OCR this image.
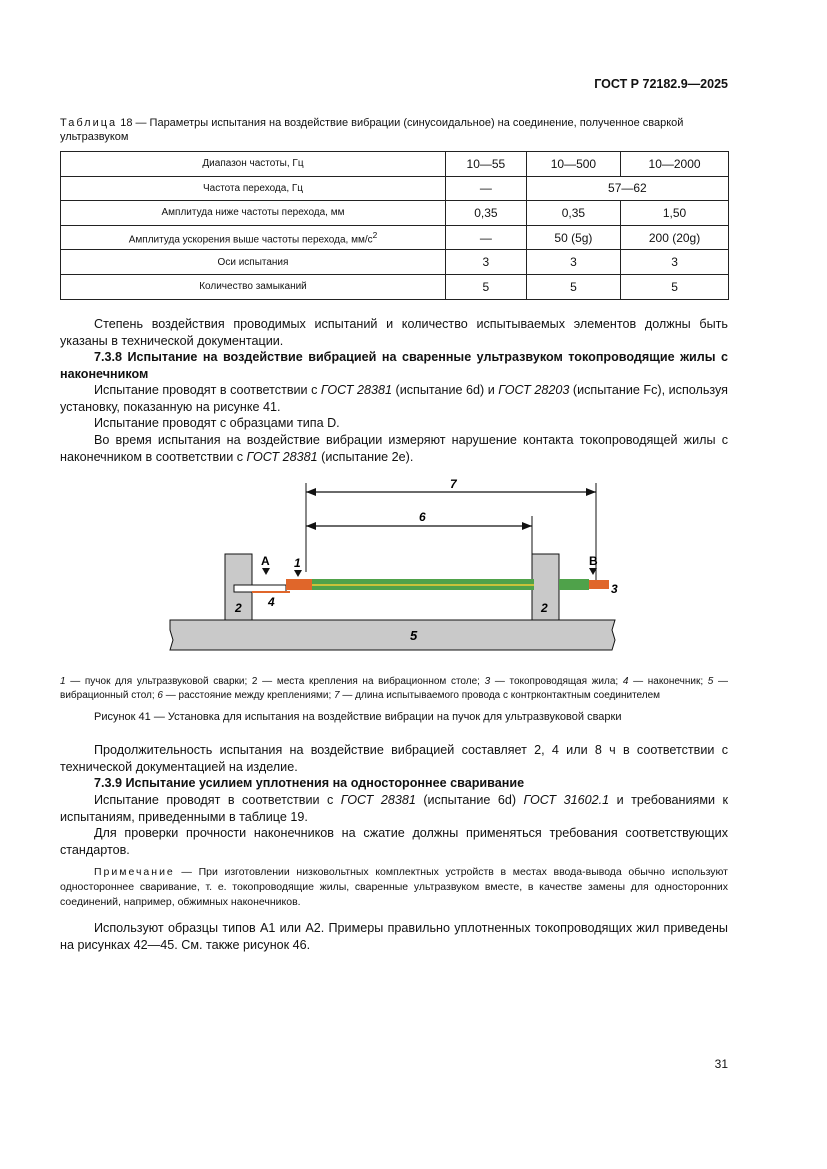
ГОСТ Р 72182.9—2025
Таблица 18 — Параметры испытания на воздействие вибрации (синусоидальное) на соединение, полученное сваркой ультразвуком
Диапазон частоты, Гц	10—55	10—500	10—2000
Частота перехода, Гц	—	57—62	
Амплитуда ниже частоты перехода, мм	0,35	0,35	1,50
Амплитуда ускорения выше частоты перехода, $мм/с^2$	—	50 (5g)	200 (20g)
Оси испытания	3	3	3
Количество замыканий	5	5	5
Степень воздействия проводимых испытаний и количество испытываемых элементов должны быть указаны в технической документации.
7.3.8 Испытание на воздействие вибрацией на сваренные ультразвуком токопроводящие жилы с наконечником
Испытание проводят в соответствии с ГОСТ 28381 (испытание 6d) и ГОСТ 28203 (испытание Fc), используя установку, показанную на рисунке 41.
Испытание проводят с образцами типа D.
Во время испытания на воздействие вибрации измеряют нарушение контакта токопроводящей жилы с наконечником в соответствии с ГОСТ 28381 (испытание 2e).
7
6
A	B
1
3
4
2	2
5
1 — пучок для ультразвуковой сварки; 2 — места крепления на вибрационном столе; 3 — токопроводящая жила; 4 — наконечник; 5 — вибрационный стол; 6 — расстояние между креплениями; 7 — длина испытываемого провода с контрконтактным соединителем
Рисунок 41 — Установка для испытания на воздействие вибрации на пучок для ультразвуковой сварки
Продолжительность испытания на воздействие вибрацией составляет 2, 4 или 8 ч в соответствии с технической документацией на изделие.
7.3.9 Испытание усилием уплотнения на одностороннее сваривание
Испытание проводят в соответствии с ГОСТ 28381 (испытание 6d) ГОСТ 31602.1 и требованиями к испытаниям, приведенными в таблице 19.
Для проверки прочности наконечников на сжатие должны применяться требования соответствующих стандартов.
Примечание — При изготовлении низковольтных комплектных устройств в местах ввода-вывода обычно используют одностороннее сваривание, т. е. токопроводящие жилы, сваренные ультразвуком вместе, в качестве замены для односторонних соединений, например, обжимных наконечников.
Используют образцы типов А1 или А2. Примеры правильно уплотненных токопроводящих жил приведены на рисунках 42—45. См. также рисунок 46.
31
